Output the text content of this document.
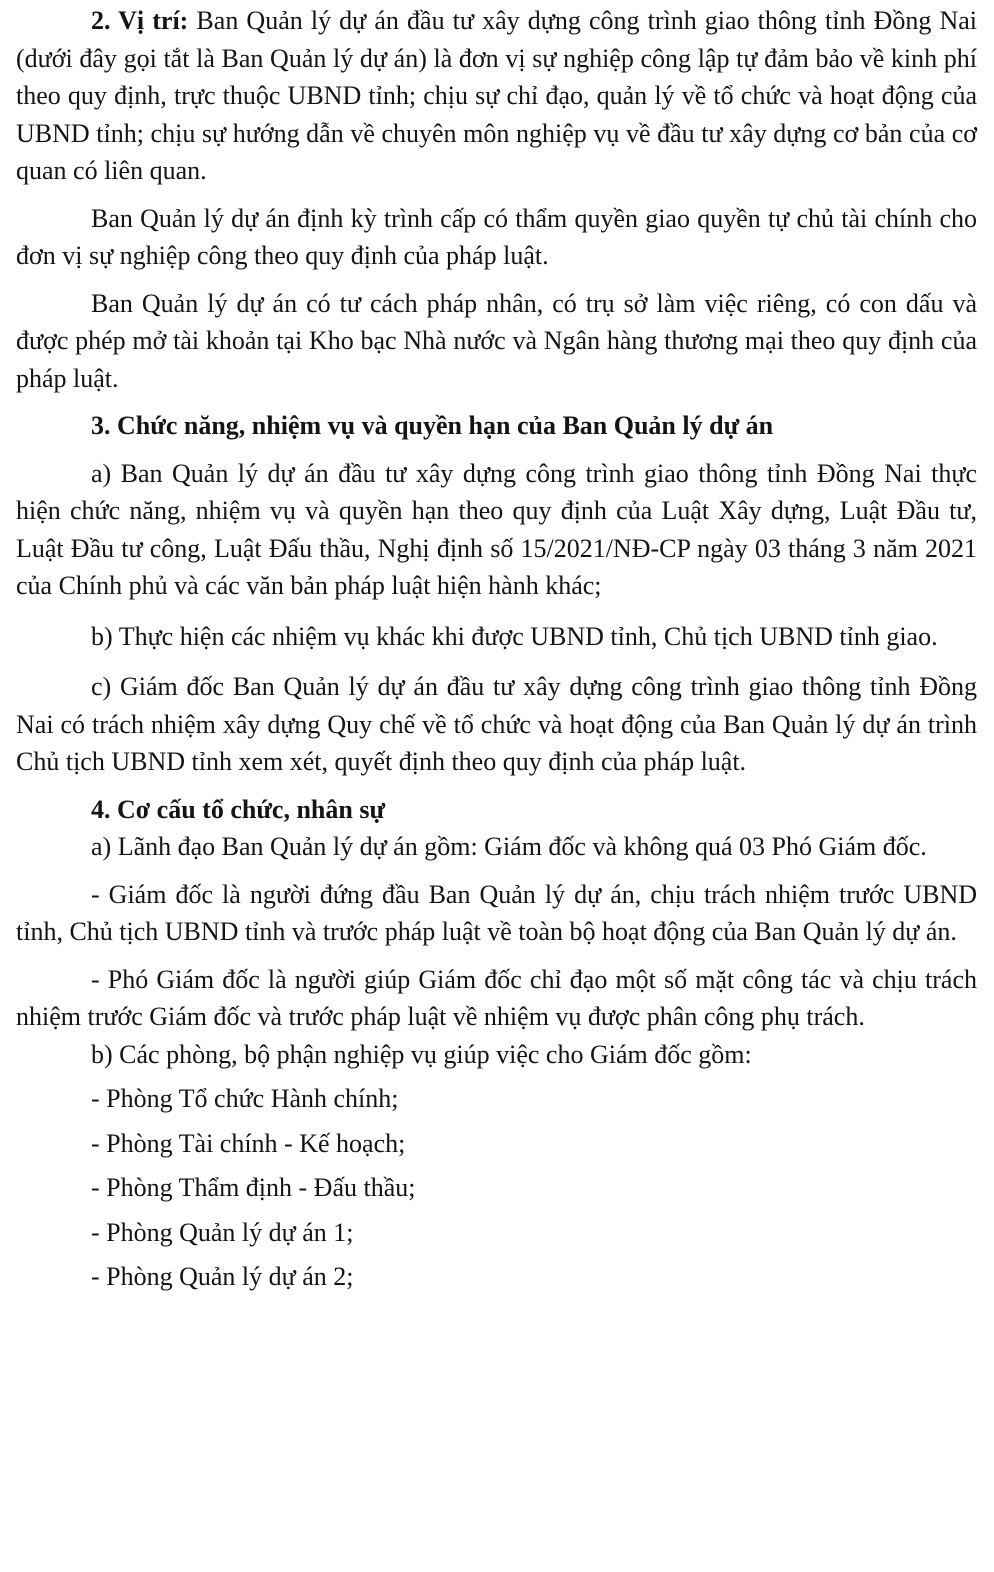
2. Vị trí: Ban Quản lý dự án đầu tư xây dựng công trình giao thông tỉnh Đồng Nai (dưới đây gọi tắt là Ban Quản lý dự án) là đơn vị sự nghiệp công lập tự đảm bảo về kinh phí theo quy định, trực thuộc UBND tỉnh; chịu sự chỉ đạo, quản lý về tổ chức và hoạt động của UBND tỉnh; chịu sự hướng dẫn về chuyên môn nghiệp vụ về đầu tư xây dựng cơ bản của cơ quan có liên quan.

Ban Quản lý dự án định kỳ trình cấp có thẩm quyền giao quyền tự chủ tài chính cho đơn vị sự nghiệp công theo quy định của pháp luật.

Ban Quản lý dự án có tư cách pháp nhân, có trụ sở làm việc riêng, có con dấu và được phép mở tài khoản tại Kho bạc Nhà nước và Ngân hàng thương mại theo quy định của pháp luật.

3. Chức năng, nhiệm vụ và quyền hạn của Ban Quản lý dự án

a) Ban Quản lý dự án đầu tư xây dựng công trình giao thông tỉnh Đồng Nai thực hiện chức năng, nhiệm vụ và quyền hạn theo quy định của Luật Xây dựng, Luật Đầu tư, Luật Đầu tư công, Luật Đấu thầu, Nghị định số 15/2021/NĐ-CP ngày 03 tháng 3 năm 2021 của Chính phủ và các văn bản pháp luật hiện hành khác;

b) Thực hiện các nhiệm vụ khác khi được UBND tỉnh, Chủ tịch UBND tỉnh giao.

c) Giám đốc Ban Quản lý dự án đầu tư xây dựng công trình giao thông tỉnh Đồng Nai có trách nhiệm xây dựng Quy chế về tổ chức và hoạt động của Ban Quản lý dự án trình Chủ tịch UBND tỉnh xem xét, quyết định theo quy định của pháp luật.

4. Cơ cấu tổ chức, nhân sự

a) Lãnh đạo Ban Quản lý dự án gồm: Giám đốc và không quá 03 Phó Giám đốc.

- Giám đốc là người đứng đầu Ban Quản lý dự án, chịu trách nhiệm trước UBND tỉnh, Chủ tịch UBND tỉnh và trước pháp luật về toàn bộ hoạt động của Ban Quản lý dự án.

- Phó Giám đốc là người giúp Giám đốc chỉ đạo một số mặt công tác và chịu trách nhiệm trước Giám đốc và trước pháp luật về nhiệm vụ được phân công phụ trách.

b) Các phòng, bộ phận nghiệp vụ giúp việc cho Giám đốc gồm:

- Phòng Tổ chức Hành chính;

- Phòng Tài chính - Kế hoạch;

- Phòng Thẩm định - Đấu thầu;

- Phòng Quản lý dự án 1;

- Phòng Quản lý dự án 2;
